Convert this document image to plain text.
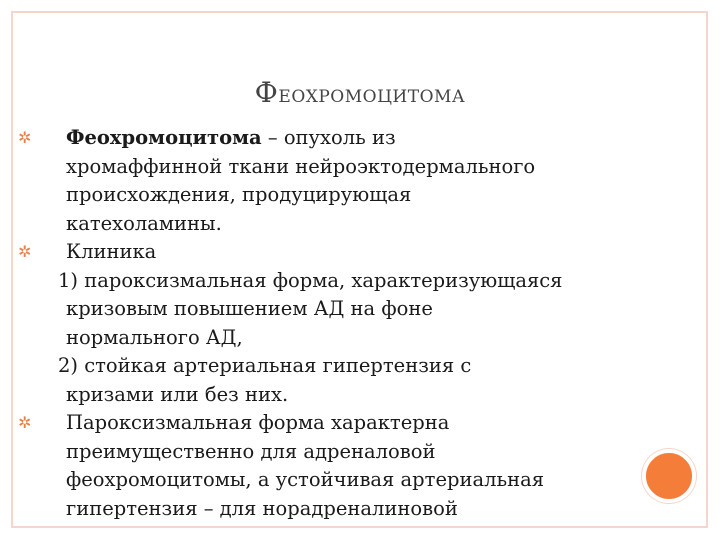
ФЕОХРОМОЦИТОМА
✲ Феохромоцитома – опухоль из
хромаффинной ткани нейроэктодермального
происхождения, продуцирующая
катехоламины.
✲ Клиника
1) пароксизмальная форма, характеризующаяся
кризовым повышением АД на фоне
нормального АД,
2) стойкая артериальная гипертензия с
кризами или без них.
✲ Пароксизмальная форма характерна
преимущественно для адреналовой
феохромоцитомы, а устойчивая артериальная
гипертензия – для норадреналиновой
